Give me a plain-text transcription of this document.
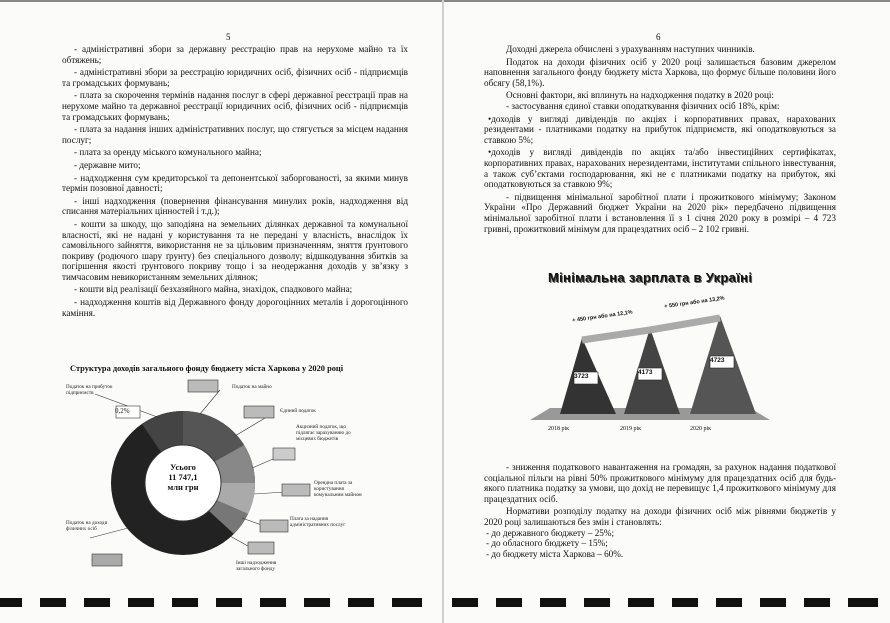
5

- адміністративні збори за державну реєстрацію прав на нерухоме майно та їх обтяжень;

- адміністративні збори за реєстрацію юридичних осіб, фізичних осіб - підприємців та громадських формувань;

- плата за скорочення термінів надання послуг в сфері державної реєстрації прав на нерухоме майно та державної реєстрації юридичних осіб, фізичних осіб - підприємців та громадських формувань;

- плата за надання інших адміністративних послуг, що стягується за місцем надання послуг;

- плата за оренду міського комунального майна;

- державне мито;

- надходження сум кредиторської та депонентської заборгованості, за якими минув термін позовної давності;

- інші надходження (повернення фінансування минулих років, надходження від списання матеріальних цінностей і т.д.);

- кошти за шкоду, що заподіяна на земельних ділянках державної та комунальної власності, які не надані у користування та не передані у власність, внаслідок їх самовільного зайняття, використання не за цільовим призначенням, зняття ґрунтового покриву (родючого шару ґрунту) без спеціального дозволу; відшкодування збитків за погіршення якості ґрунтового покриву тощо і за неодержання доходів у зв’язку з тимчасовим невикористанням земельних ділянок;

- кошти від реалізації безхазяйного майна, знахідок, спадкового майна;

- надходження коштів від Державного фонду дорогоцінних металів і дорогоцінного каміння.

Структура доходів загального фонду бюджету міста Харкова у 2020 році
0,2%
Усього
11 747,1
млн грн
Податок на прибуток підприємств
Податок на майно
Єдиний податок
Акцизний податок, що підлягає зарахуванню до місцевих бюджетів
Орендна плата за користування комунальним майном
Плата за надання адміністративних послуг
Інші надходження загального фонду
Податок на доходи фізичних осіб
6

Доходні джерела обчислені з урахуванням наступних чинників.

Податок на доходи фізичних осіб у 2020 році залишається базовим джерелом наповнення загального фонду бюджету міста Харкова, що формує більше половини його обсягу (58,1%).

Основні фактори, які вплинуть на надходження податку в 2020 році:

- застосування єдиної ставки оподаткування фізичних осіб 18%, крім:

•доходів у вигляді дивідендів по акціях і корпоративних правах, нарахованих резидентами - платниками податку на прибуток підприємств, які оподатковуються за ставкою 5%;

•доходів у вигляді дивідендів по акціях та/або інвестиційних сертифікатах, корпоративних правах, нарахованих нерезидентами, інститутами спільного інвестування, а також суб’єктами господарювання, які не є платниками податку на прибуток, які оподатковуються за ставкою 9%;

- підвищення мінімальної заробітної плати і прожиткового мінімуму; Законом України «Про Державний бюджет України на 2020 рік» передбачено підвищення мінімальної заробітної плати і встановлення її з 1 січня 2020 року в розмірі – 4 723 гривні, прожитковий мінімум для працездатних осіб – 2 102 гривні.

Мінімальна зарплата в Україні
3723
4173
4723
+ 450 грн або на 12,1%
+ 550 грн або на 13,2%
2018 рік	2019 рік	2020 рік

- зниження податкового навантаження на громадян, за рахунок надання податкової соціальної пільги на рівні 50% прожиткового мінімуму для працездатних осіб для будь-якого платника податку за умови, що дохід не перевищує 1,4 прожиткового мінімуму для працездатних осіб.

Нормативи розподілу податку на доходи фізичних осіб між рівнями бюджетів у 2020 році залишаються без змін і становлять:

- до державного бюджету – 25%;

- до обласного бюджету – 15%;

- до бюджету міста Харкова – 60%.
